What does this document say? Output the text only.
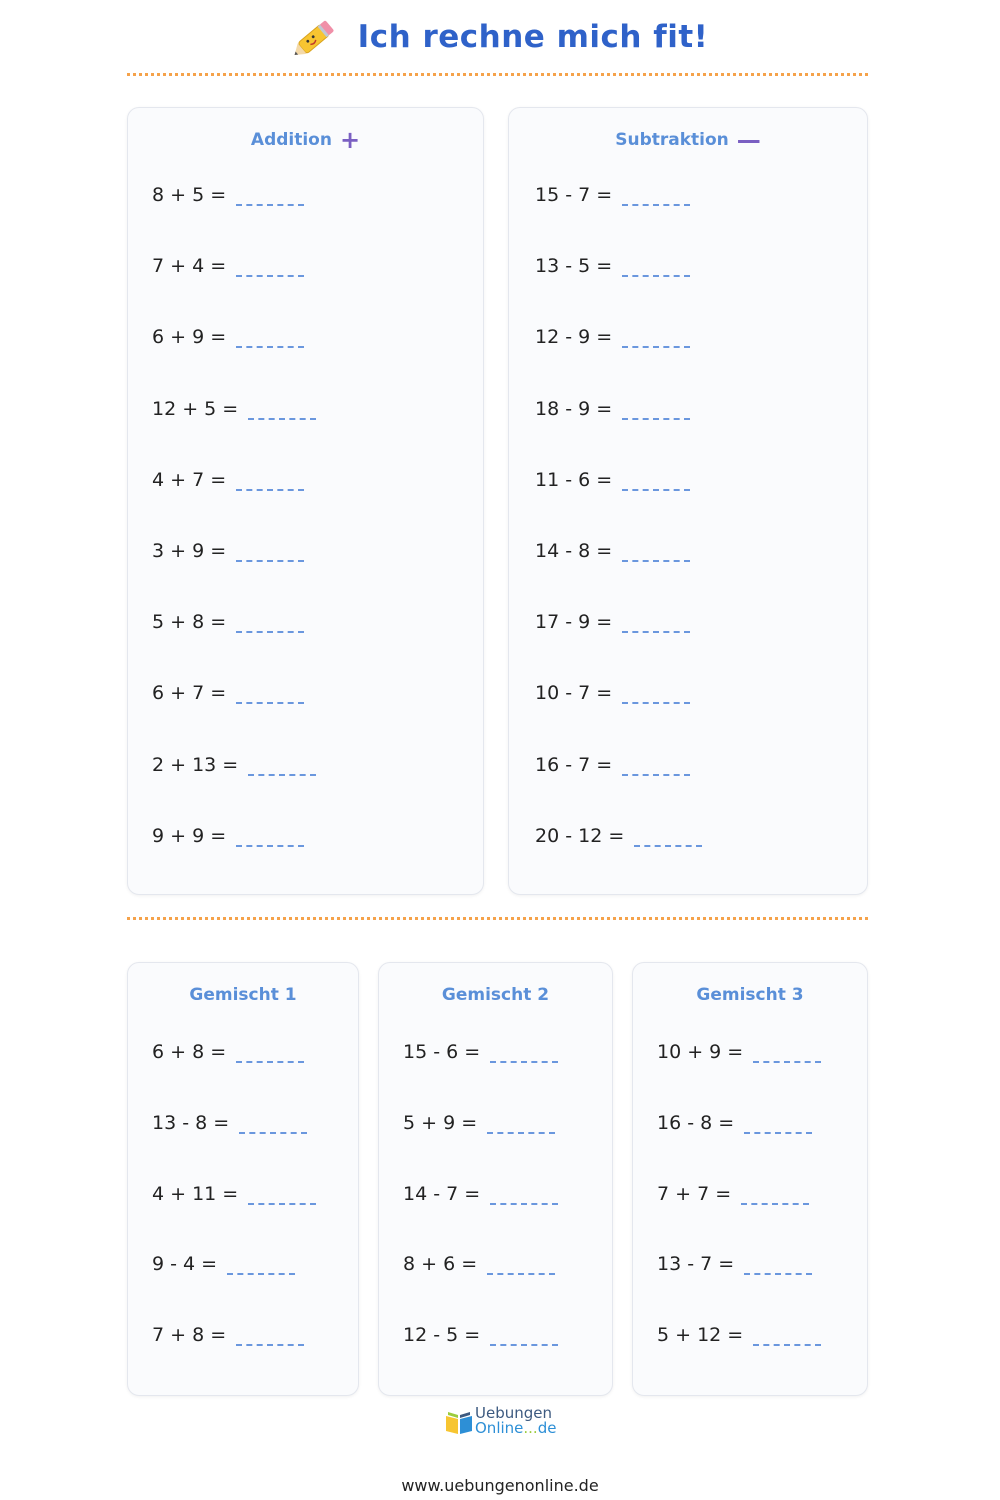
Ich rechne mich fit!
Addition +
8 + 5 =
7 + 4 =
6 + 9 =
12 + 5 =
4 + 7 =
3 + 9 =
5 + 8 =
6 + 7 =
2 + 13 =
9 + 9 =
Subtraktion —
15 - 7 =
13 - 5 =
12 - 9 =
18 - 9 =
11 - 6 =
14 - 8 =
17 - 9 =
10 - 7 =
16 - 7 =
20 - 12 =
Gemischt 1
6 + 8 =
13 - 8 =
4 + 11 =
9 - 4 =
7 + 8 =
Gemischt 2
15 - 6 =
5 + 9 =
14 - 7 =
8 + 6 =
12 - 5 =
Gemischt 3
10 + 9 =
16 - 8 =
7 + 7 =
13 - 7 =
5 + 12 =
Uebungen
Online...de
www.uebungenonline.de
